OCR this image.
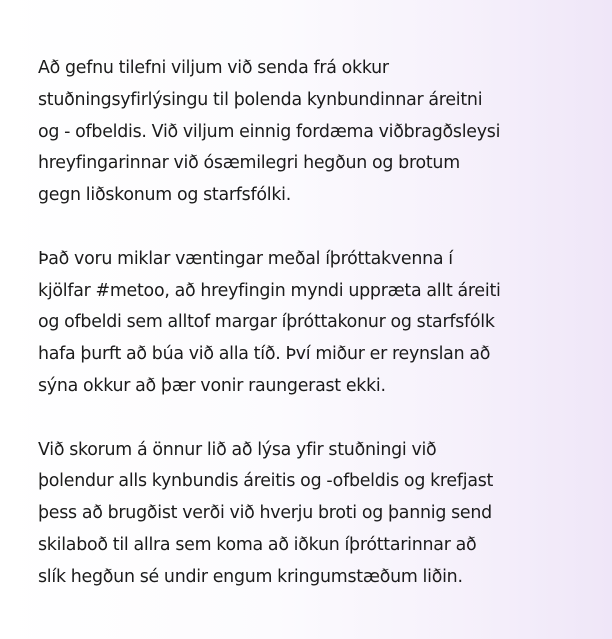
Að gefnu tilefni viljum við senda frá okkur
stuðningsyfirlýsingu til þolenda kynbundinnar áreitni
og - ofbeldis. Við viljum einnig fordæma viðbragðsleysi
hreyfingarinnar við ósæmilegri hegðun og brotum
gegn liðskonum og starfsfólki.

Það voru miklar væntingar meðal íþróttakvenna í
kjölfar #metoo, að hreyfingin myndi uppræta allt áreiti
og ofbeldi sem alltof margar íþróttakonur og starfsfólk
hafa þurft að búa við alla tíð. Því miður er reynslan að
sýna okkur að þær vonir raungerast ekki.

Við skorum á önnur lið að lýsa yfir stuðningi við
þolendur alls kynbundis áreitis og -ofbeldis og krefjast
þess að brugðist verði við hverju broti og þannig send
skilaboð til allra sem koma að iðkun íþróttarinnar að
slík hegðun sé undir engum kringumstæðum liðin.
